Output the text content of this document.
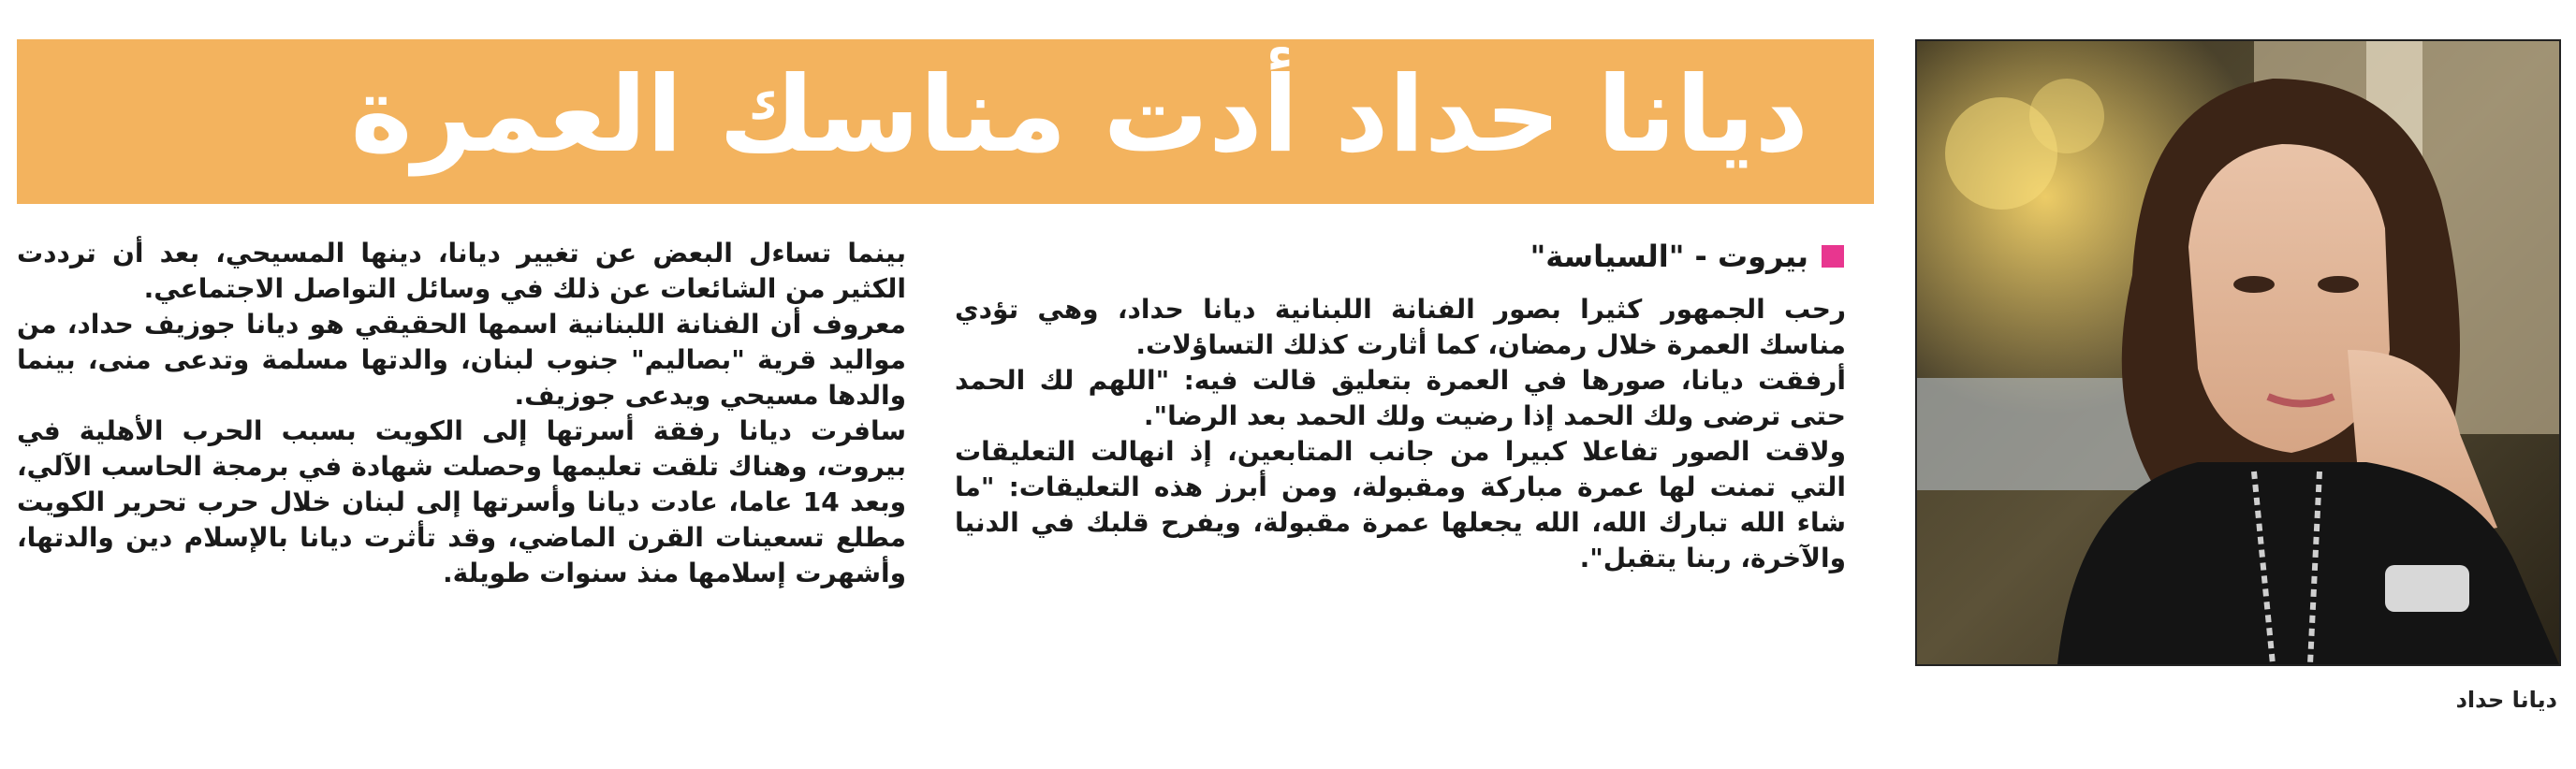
ديانا حداد أدت مناسك العمرة
ديانا حداد
بيروت - "السياسة"

رحب الجمهور كثيرا بصور الفنانة اللبنانية ديانا حداد، وهي تؤدي مناسك العمرة خلال رمضان، كما أثارت كذلك التساؤلات.

أرفقت ديانا، صورها في العمرة بتعليق قالت فيه: "اللهم لك الحمد حتى ترضى ولك الحمد إذا رضيت ولك الحمد بعد الرضا".

ولاقت الصور تفاعلا كبيرا من جانب المتابعين، إذ انهالت التعليقات التي تمنت لها عمرة مباركة ومقبولة، ومن أبرز هذه التعليقات: "ما شاء الله تبارك الله، الله يجعلها عمرة مقبولة، ويفرح قلبك في الدنيا والآخرة، ربنا يتقبل".

بينما تساءل البعض عن تغيير ديانا، دينها المسيحي، بعد أن ترددت الكثير من الشائعات عن ذلك في وسائل التواصل الاجتماعي.

معروف أن الفنانة اللبنانية اسمها الحقيقي هو ديانا جوزيف حداد، من مواليد قرية "بصاليم" جنوب لبنان، والدتها مسلمة وتدعى منى، بينما والدها مسيحي ويدعى جوزيف.

سافرت ديانا رفقة أسرتها إلى الكويت بسبب الحرب الأهلية في بيروت، وهناك تلقت تعليمها وحصلت شهادة في برمجة الحاسب الآلي، وبعد 14 عاما، عادت ديانا وأسرتها إلى لبنان خلال حرب تحرير الكويت مطلع تسعينات القرن الماضي، وقد تأثرت ديانا بالإسلام دين والدتها، وأشهرت إسلامها منذ سنوات طويلة.
